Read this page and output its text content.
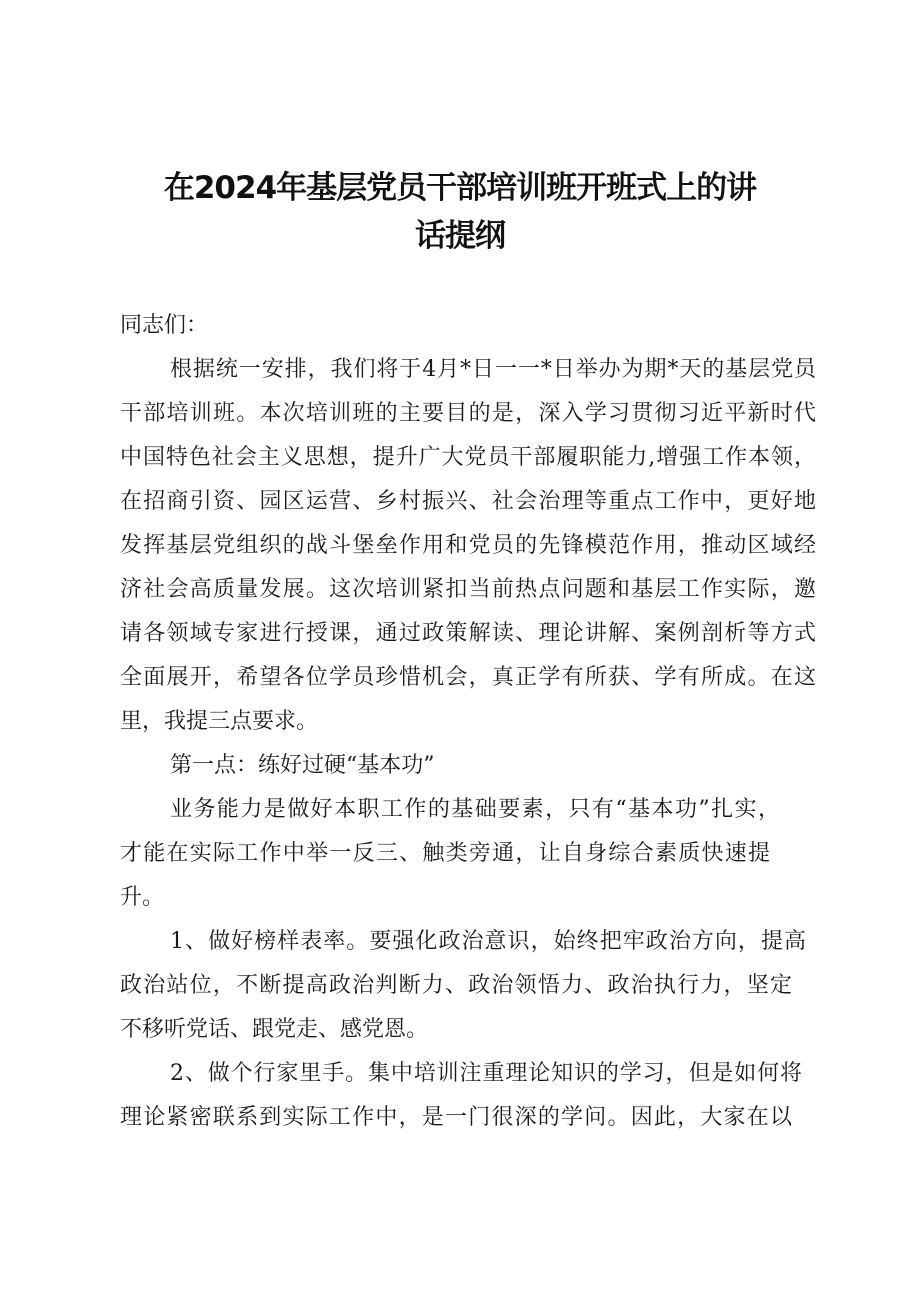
在2024年基层党员干部培训班开班式上的讲
话提纲

同志们：

根据统一安排，我们将于4月*日一一*日举办为期*天的基层党员

干部培训班。本次培训班的主要目的是，深入学习贯彻习近平新时代

中国特色社会主义思想，提升广大党员干部履职能力,增强工作本领，

在招商引资、园区运营、乡村振兴、社会治理等重点工作中，更好地

发挥基层党组织的战斗堡垒作用和党员的先锋模范作用，推动区域经

济社会高质量发展。这次培训紧扣当前热点问题和基层工作实际，邀

请各领域专家进行授课，通过政策解读、理论讲解、案例剖析等方式

全面展开，希望各位学员珍惜机会，真正学有所获、学有所成。在这

里，我提三点要求。

第一点：练好过硬“基本功”

业务能力是做好本职工作的基础要素，只有“基本功”扎实，

才能在实际工作中举一反三、触类旁通，让自身综合素质快速提

升。

1、做好榜样表率。要强化政治意识，始终把牢政治方向，提高

政治站位，不断提高政治判断力、政治领悟力、政治执行力，坚定

不移听党话、跟党走、感党恩。

2、做个行家里手。集中培训注重理论知识的学习，但是如何将

理论紧密联系到实际工作中，是一门很深的学问。因此，大家在以
